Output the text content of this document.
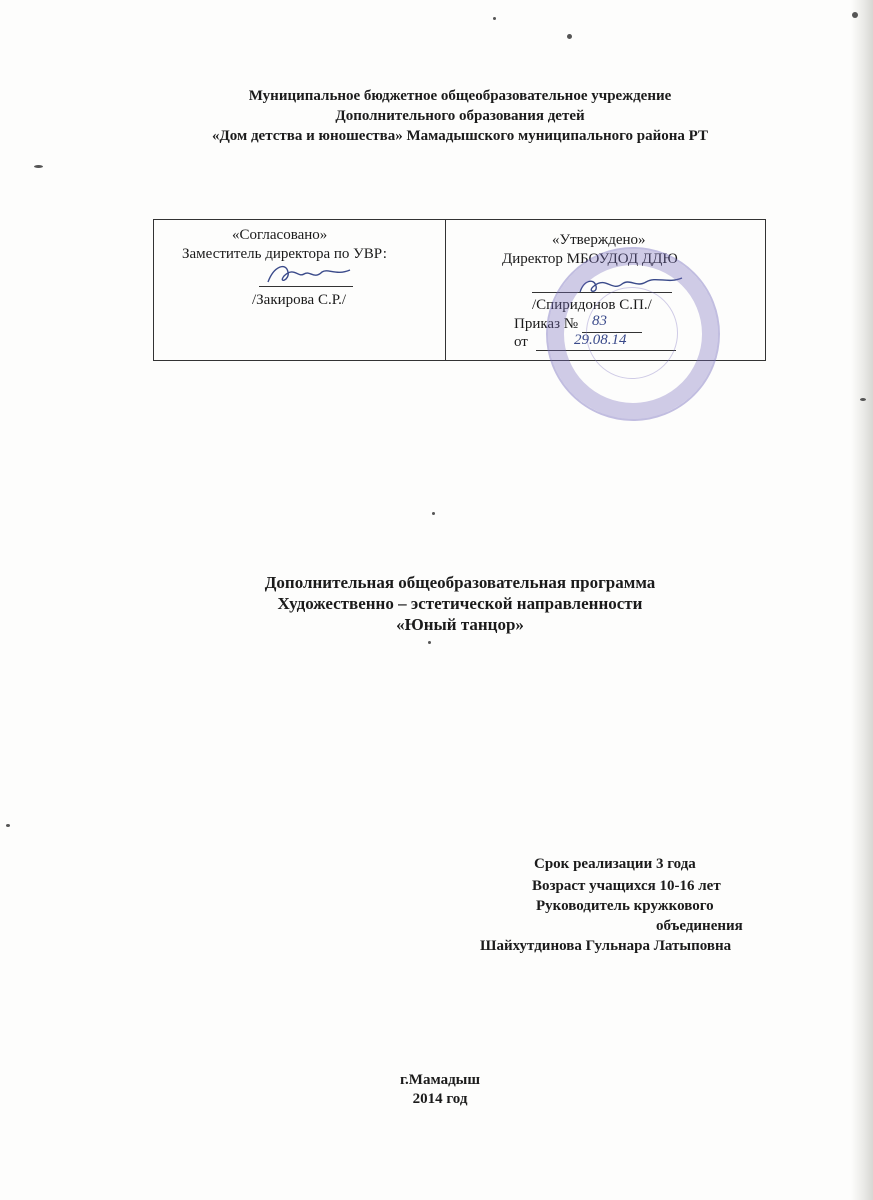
Муниципальное бюджетное общеобразовательное учреждение
Дополнительного образования детей
«Дом детства и юношества» Мамадышского муниципального района РТ
«Согласовано»
Заместитель директора по УВР:
/Закирова С.Р./
«Утверждено»
Директор МБОУДОД ДДЮ
/Спиридонов С.П./
Приказ № 83
от	29.08.14
Дополнительная общеобразовательная программа
Художественно – эстетической направленности
«Юный танцор»
Срок реализации 3 года
Возраст учащихся 10-16 лет
Руководитель кружкового
объединения
Шайхутдинова Гульнара Латыповна
г.Мамадыш
2014 год
